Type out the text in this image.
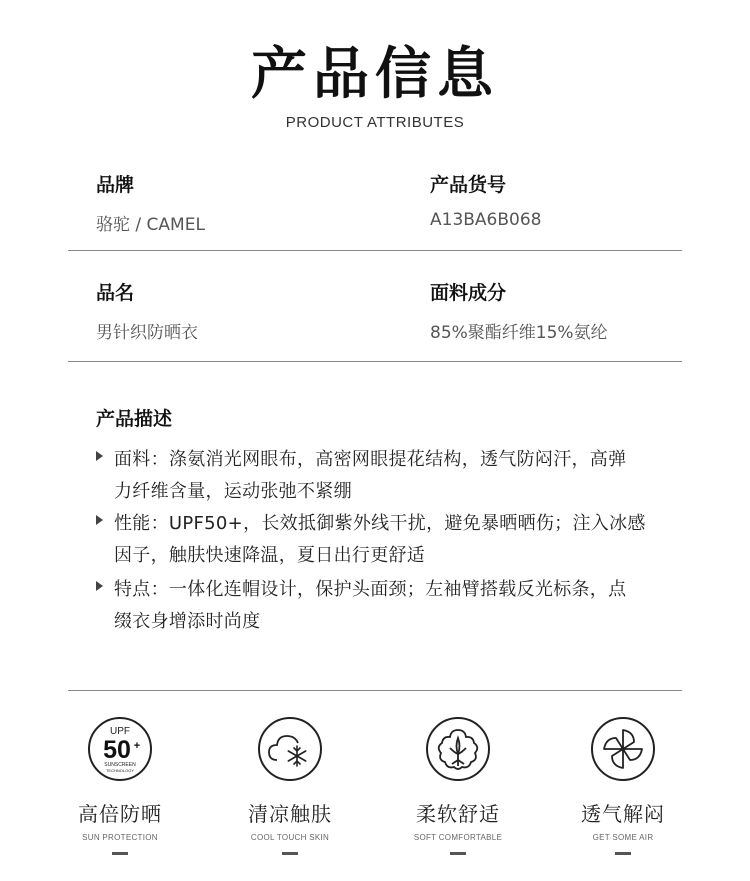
产品信息
PRODUCT ATTRIBUTES
品牌
骆驼 / CAMEL
产品货号
A13BA6B068
品名
男针织防晒衣
面料成分
85%聚酯纤维15%氨纶
产品描述
面料：涤氨消光网眼布，高密网眼提花结构，透气防闷汗，高弹
力纤维含量，运动张弛不紧绷
性能：UPF50+，长效抵御紫外线干扰，避免暴晒晒伤；注入冰感
因子，触肤快速降温，夏日出行更舒适
特点：一体化连帽设计，保护头面颈；左袖臂搭载反光标条，点
缀衣身增添时尚度
UPF
50 +
SUNSCREEN
TECHNOLOGY
高倍防晒
SUN PROTECTION
清凉触肤
COOL TOUCH SKIN
柔软舒适
SOFT COMFORTABLE
透气解闷
GET SOME AIR
